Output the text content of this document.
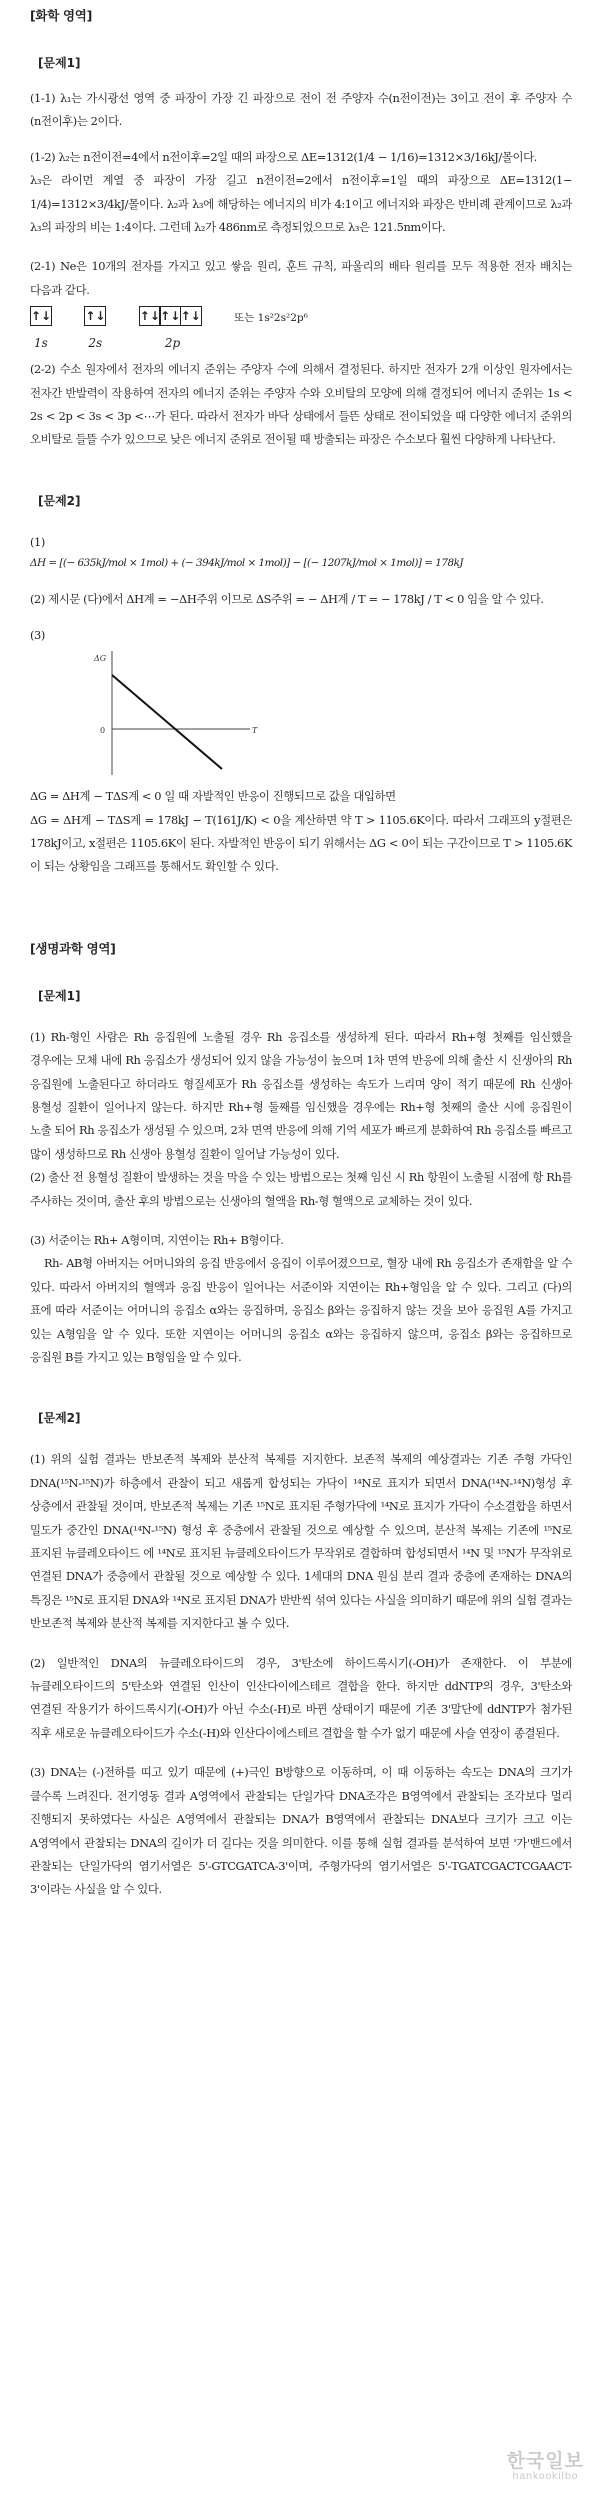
[화학 영역]
[문제1]

(1-1) λ₁는 가시광선 영역 중 파장이 가장 긴 파장으로 전이 전 주양자 수(n전이전)는 3이고 전이 후 주양자 수(n전이후)는 2이다.

(1-2) λ₂는 n전이전=4에서 n전이후=2일 때의 파장으로 ΔE=1312(1/4 − 1/16)=1312×3/16kJ/몰이다.

λ₃은 라이먼 계열 중 파장이 가장 길고 n전이전=2에서 n전이후=1일 때의 파장으로 ΔE=1312(1− 1/4)=1312×3/4kJ/몰이다. λ₂과 λ₃에 해당하는 에너지의 비가 4:1이고 에너지와 파장은 반비례 관계이므로 λ₂과 λ₃의 파장의 비는 1:4이다. 그런데 λ₂가 486nm로 측정되었으므로 λ₃은 121.5nm이다.

(2-1) Ne은 10개의 전자를 가지고 있고 쌓음 원리, 훈트 규칙, 파울리의 배타 원리를 모두 적용한 전자 배치는 다음과 같다.

↑↓
1s
↑↓
2s
↑↓↑↓↑↓
2p
또는 1s²2s²2p⁶

(2-2) 수소 원자에서 전자의 에너지 준위는 주양자 수에 의해서 결정된다. 하지만 전자가 2개 이상인 원자에서는 전자간 반발력이 작용하여 전자의 에너지 준위는 주양자 수와 오비탈의 모양에 의해 결정되어 에너지 준위는 1s < 2s < 2p < 3s < 3p <⋯가 된다. 따라서 전자가 바닥 상태에서 들뜬 상태로 전이되었을 때 다양한 에너지 준위의 오비탈로 들뜰 수가 있으므로 낮은 에너지 준위로 전이될 때 방출되는 파장은 수소보다 훨씬 다양하게 나타난다.

[문제2]

(1)

ΔH = [(− 635kJ/mol × 1mol) + (− 394kJ/mol × 1mol)] − [(− 1207kJ/mol × 1mol)] = 178kJ

(2) 제시문 (다)에서 ΔH계 = −ΔH주위 이므로 ΔS주위 = − ΔH계 / T = − 178kJ / T < 0 임을 알 수 있다.

(3)

ΔG
0	T

ΔG = ΔH계 − TΔS계 < 0 일 때 자발적인 반응이 진행되므로 값을 대입하면

ΔG = ΔH계 − TΔS계 = 178kJ − T(161J/K) < 0을 계산하면 약 T > 1105.6K이다. 따라서 그래프의 y절편은 178kJ이고, x절편은 1105.6K이 된다. 자발적인 반응이 되기 위해서는 ΔG < 0이 되는 구간이므로 T > 1105.6K 이 되는 상황임을 그래프를 통해서도 확인할 수 있다.

[생명과학 영역]
[문제1]

(1) Rh-형인 사람은 Rh 응집원에 노출될 경우 Rh 응집소를 생성하게 된다. 따라서 Rh+형 첫째를 임신했을 경우에는 모체 내에 Rh 응집소가 생성되어 있지 않을 가능성이 높으며 1차 면역 반응에 의해 출산 시 신생아의 Rh 응집원에 노출된다고 하더라도 형질세포가 Rh 응집소를 생성하는 속도가 느리며 양이 적기 때문에 Rh 신생아 용혈성 질환이 일어나지 않는다. 하지만 Rh+형 둘째를 임신했을 경우에는 Rh+형 첫째의 출산 시에 응집원이 노출 되어 Rh 응집소가 생성될 수 있으며, 2차 면역 반응에 의해 기억 세포가 빠르게 분화하여 Rh 응집소를 빠르고 많이 생성하므로 Rh 신생아 용혈성 질환이 일어날 가능성이 있다.

(2) 출산 전 용혈성 질환이 발생하는 것을 막을 수 있는 방법으로는 첫째 임신 시 Rh 항원이 노출될 시점에 항 Rh를 주사하는 것이며, 출산 후의 방법으로는 신생아의 혈액을 Rh-형 혈액으로 교체하는 것이 있다.

(3) 서준이는 Rh+ A형이며, 지연이는 Rh+ B형이다.

Rh- AB형 아버지는 어머니와의 응집 반응에서 응집이 이루어졌으므로, 혈장 내에 Rh 응집소가 존재함을 알 수 있다. 따라서 아버지의 혈액과 응집 반응이 일어나는 서준이와 지연이는 Rh+형임을 알 수 있다. 그리고 (다)의 표에 따라 서준이는 어머니의 응집소 α와는 응집하며, 응집소 β와는 응집하지 않는 것을 보아 응집원 A를 가지고 있는 A형임을 알 수 있다. 또한 지연이는 어머니의 응집소 α와는 응집하지 않으며, 응집소 β와는 응집하므로 응집원 B를 가지고 있는 B형임을 알 수 있다.

[문제2]

(1) 위의 실험 결과는 반보존적 복제와 분산적 복제를 지지한다. 보존적 복제의 예상결과는 기존 주형 가닥인 DNA(¹⁵N-¹⁵N)가 하층에서 관찰이 되고 새롭게 합성되는 가닥이 ¹⁴N로 표지가 되면서 DNA(¹⁴N-¹⁴N)형성 후 상층에서 관찰될 것이며, 반보존적 복제는 기존 ¹⁵N로 표지된 주형가닥에 ¹⁴N로 표지가 가닥이 수소결합을 하면서 밀도가 중간인 DNA(¹⁴N-¹⁵N) 형성 후 중층에서 관찰될 것으로 예상할 수 있으며, 분산적 복제는 기존에 ¹⁵N로 표지된 뉴클레오타이드 에 ¹⁴N로 표지된 뉴클레오타이드가 무작위로 결합하며 합성되면서 ¹⁴N 및 ¹⁵N가 무작위로 연결된 DNA가 중층에서 관찰될 것으로 예상할 수 있다. 1세대의 DNA 원심 분리 결과 중층에 존재하는 DNA의 특징은 ¹⁵N로 표지된 DNA와 ¹⁴N로 표지된 DNA가 반반씩 섞여 있다는 사실을 의미하기 때문에 위의 실험 결과는 반보존적 복제와 분산적 복제를 지지한다고 볼 수 있다.

(2) 일반적인 DNA의 뉴클레오타이드의 경우, 3'탄소에 하이드록시기(-OH)가 존재한다. 이 부분에 뉴클레오타이드의 5'탄소와 연결된 인산이 인산다이에스테르 결합을 한다. 하지만 ddNTP의 경우, 3'탄소와 연결된 작용기가 하이드록시기(-OH)가 아닌 수소(-H)로 바뀐 상태이기 때문에 기존 3'말단에 ddNTP가 첨가된 직후 새로운 뉴클레오타이드가 수소(-H)와 인산다이에스테르 결합을 할 수가 없기 때문에 사슬 연장이 종결된다.

(3) DNA는 (-)전하를 띠고 있기 때문에 (+)극인 B방향으로 이동하며, 이 때 이동하는 속도는 DNA의 크기가 클수록 느려진다. 전기영동 결과 A영역에서 관찰되는 단일가닥 DNA조각은 B영역에서 관찰되는 조각보다 멀리 진행되지 못하였다는 사실은 A영역에서 관찰되는 DNA가 B영역에서 관찰되는 DNA보다 크기가 크고 이는 A영역에서 관찰되는 DNA의 길이가 더 길다는 것을 의미한다. 이를 통해 실험 결과를 분석하여 보면 '가'밴드에서 관찰되는 단일가닥의 염기서열은 5'-GTCGATCA-3'이며, 주형가닥의 염기서열은 5'-TGATCGACTCGAACT-3'이라는 사실을 알 수 있다.

한국일보
hankookilbo
